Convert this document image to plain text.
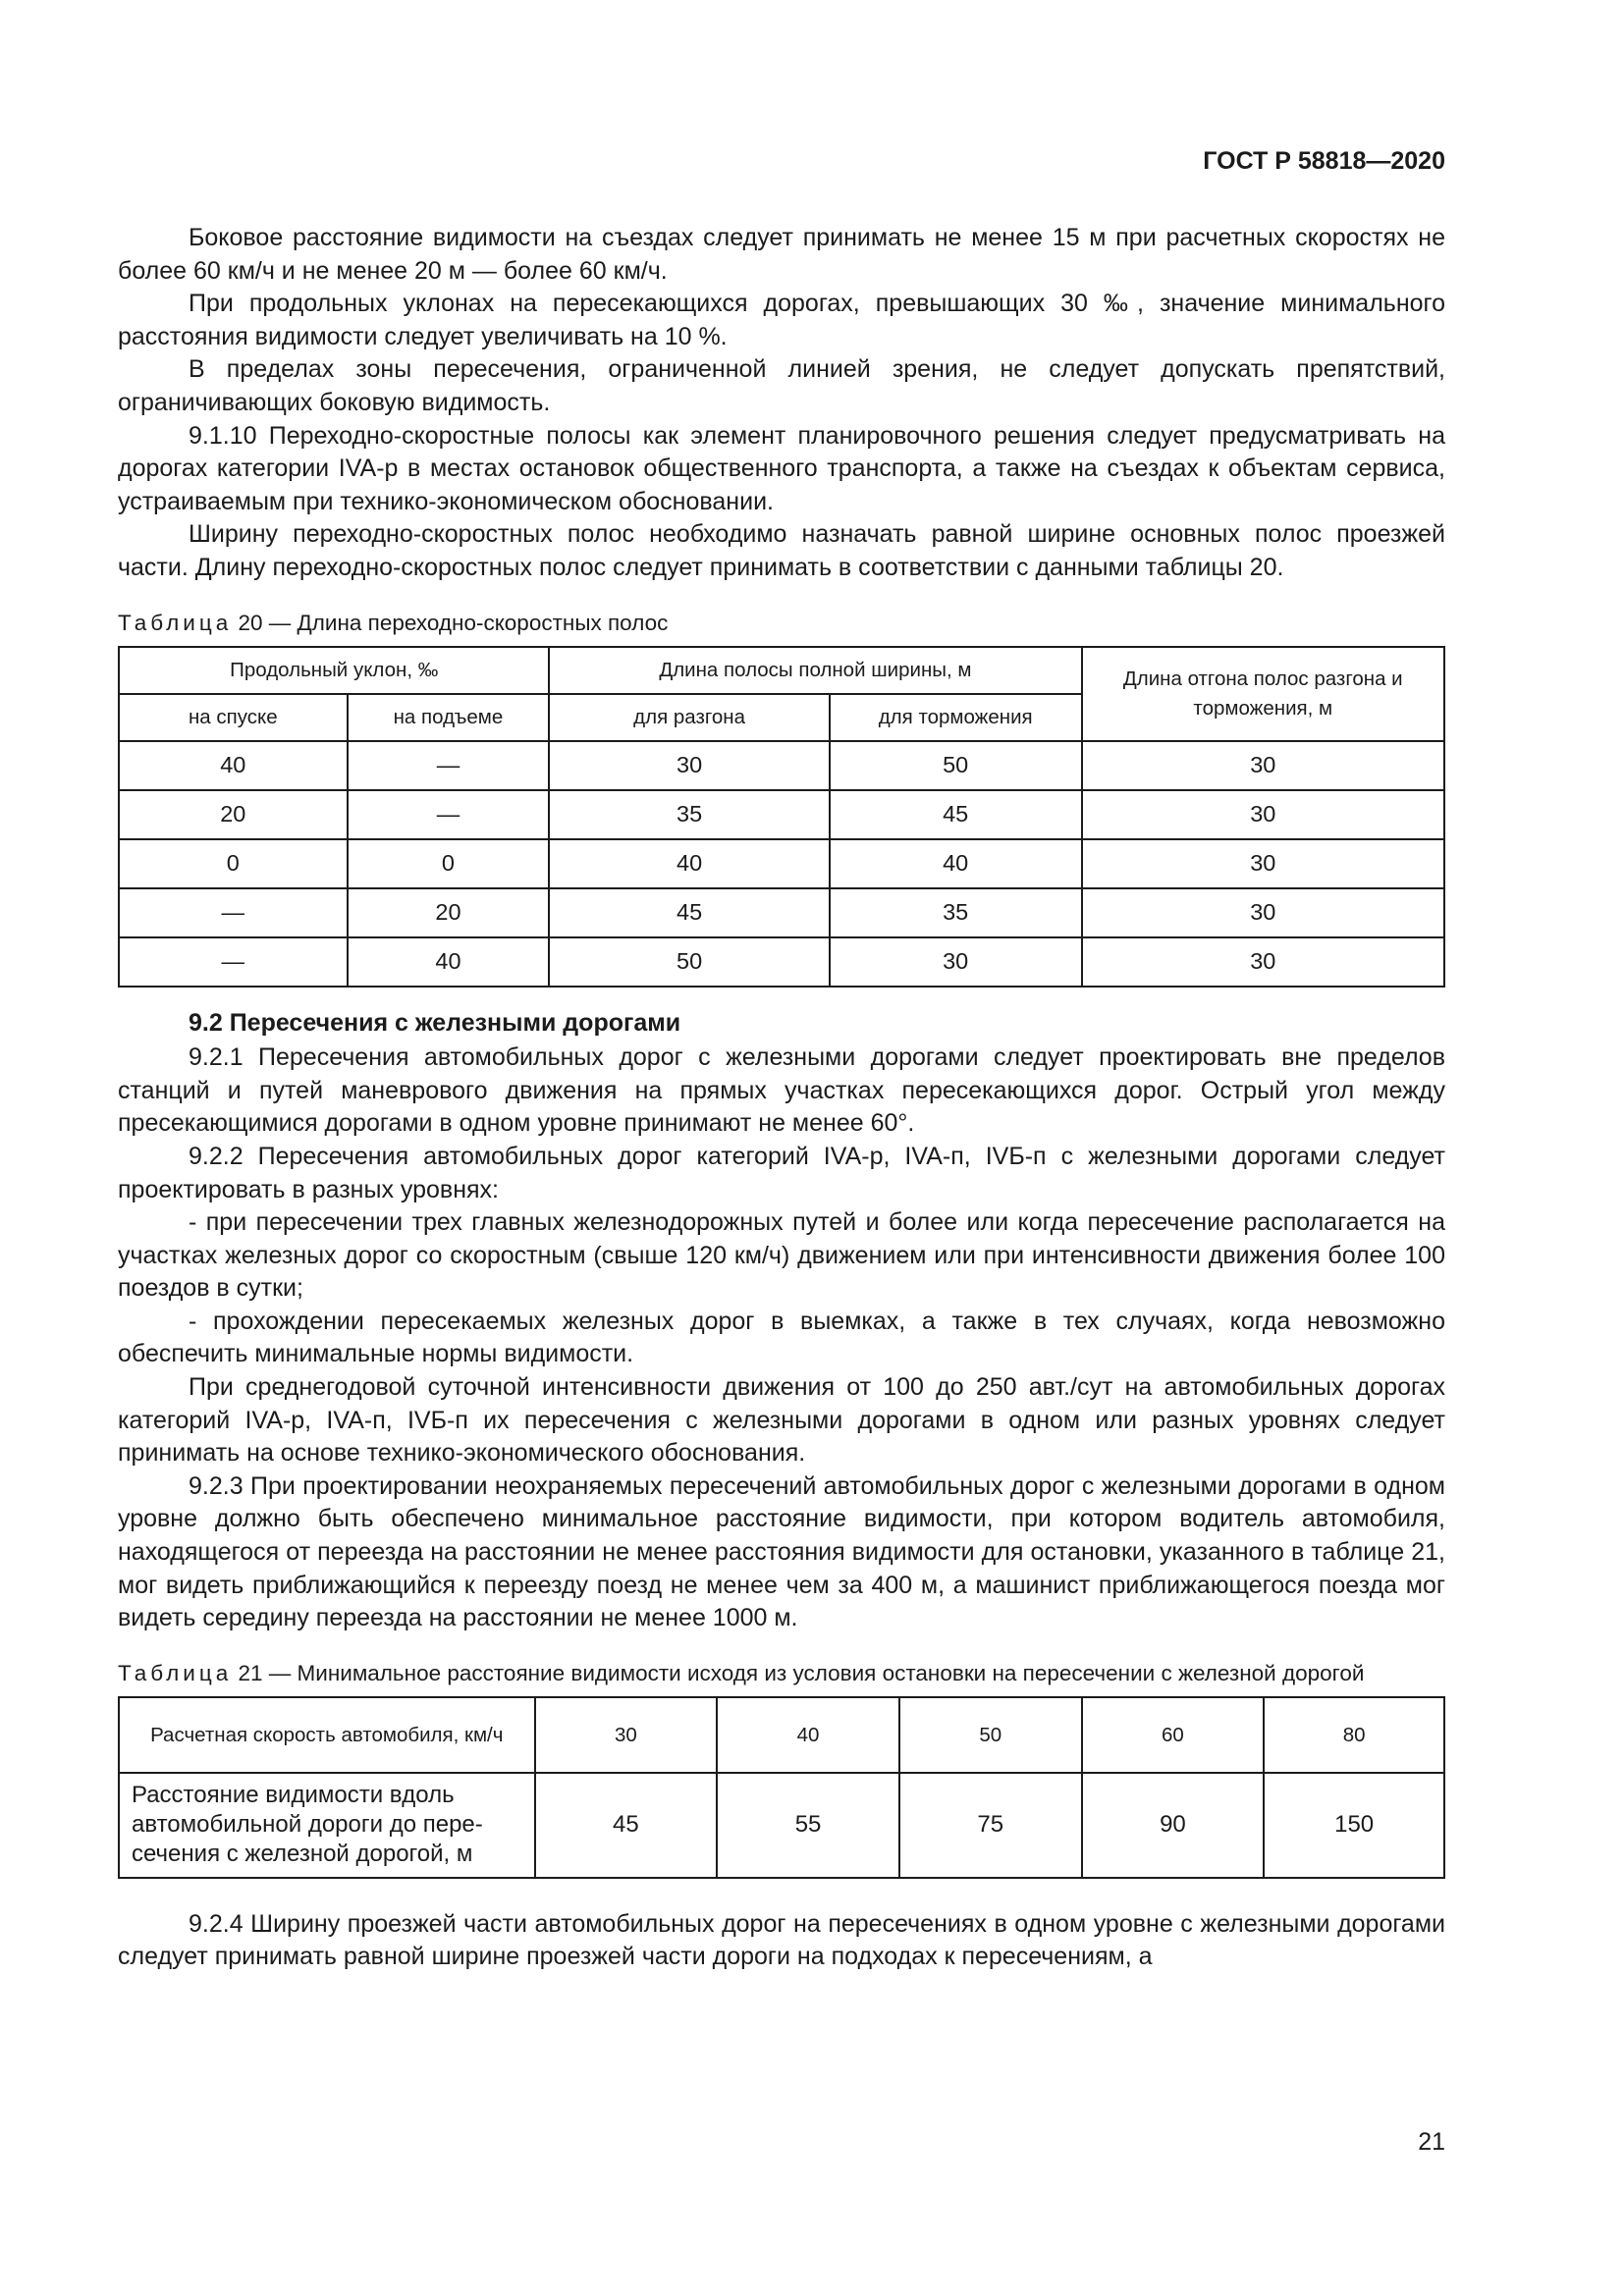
ГОСТ Р 58818—2020

Боковое расстояние видимости на съездах следует принимать не менее 15 м при расчетных скоростях не более 60 км/ч и не менее 20 м — более 60 км/ч.

При продольных уклонах на пересекающихся дорогах, превышающих 30 ‰, значение минимального расстояния видимости следует увеличивать на 10 %.

В пределах зоны пересечения, ограниченной линией зрения, не следует допускать препятствий, ограничивающих боковую видимость.

9.1.10 Переходно-скоростные полосы как элемент планировочного решения следует предусматривать на дорогах категории IVA-р в местах остановок общественного транспорта, а также на съездах к объектам сервиса, устраиваемым при технико-экономическом обосновании.

Ширину переходно-скоростных полос необходимо назначать равной ширине основных полос проезжей части. Длину переходно-скоростных полос следует принимать в соответствии с данными таблицы 20.

Таблица 20 — Длина переходно-скоростных полос
Продольный уклон, ‰		Длина полосы полной ширины, м		Длина отгона полос разгона и торможения, м
на спуске	на подъеме	для разгона	для торможения	
40	—	30	50	30
20	—	35	45	30
0	0	40	40	30
—	20	45	35	30
—	40	50	30	30
9.2 Пересечения с железными дорогами

9.2.1 Пересечения автомобильных дорог с железными дорогами следует проектировать вне пределов станций и путей маневрового движения на прямых участках пересекающихся дорог. Острый угол между пресекающимися дорогами в одном уровне принимают не менее 60°.

9.2.2 Пересечения автомобильных дорог категорий IVA-р, IVA-п, IVБ-п с железными дорогами следует проектировать в разных уровнях:

- при пересечении трех главных железнодорожных путей и более или когда пересечение располагается на участках железных дорог со скоростным (свыше 120 км/ч) движением или при интенсивности движения более 100 поездов в сутки;

- прохождении пересекаемых железных дорог в выемках, а также в тех случаях, когда невозможно обеспечить минимальные нормы видимости.

При среднегодовой суточной интенсивности движения от 100 до 250 авт./сут на автомобильных дорогах категорий IVA-р, IVA-п, IVБ-п их пересечения с железными дорогами в одном или разных уровнях следует принимать на основе технико-экономического обоснования.

9.2.3 При проектировании неохраняемых пересечений автомобильных дорог с железными дорогами в одном уровне должно быть обеспечено минимальное расстояние видимости, при котором водитель автомобиля, находящегося от переезда на расстоянии не менее расстояния видимости для остановки, указанного в таблице 21, мог видеть приближающийся к переезду поезд не менее чем за 400 м, а машинист приближающегося поезда мог видеть середину переезда на расстоянии не менее 1000 м.

Таблица 21 — Минимальное расстояние видимости исходя из условия остановки на пересечении с железной дорогой
Расчетная скорость автомобиля, км/ч	30	40	50	60	80
Расстояние видимости вдоль автомобильной дороги до пересечения с железной дорогой, м	45	55	75	90	150

9.2.4 Ширину проезжей части автомобильных дорог на пересечениях в одном уровне с железными дорогами следует принимать равной ширине проезжей части дороги на подходах к пересечениям, а

21
